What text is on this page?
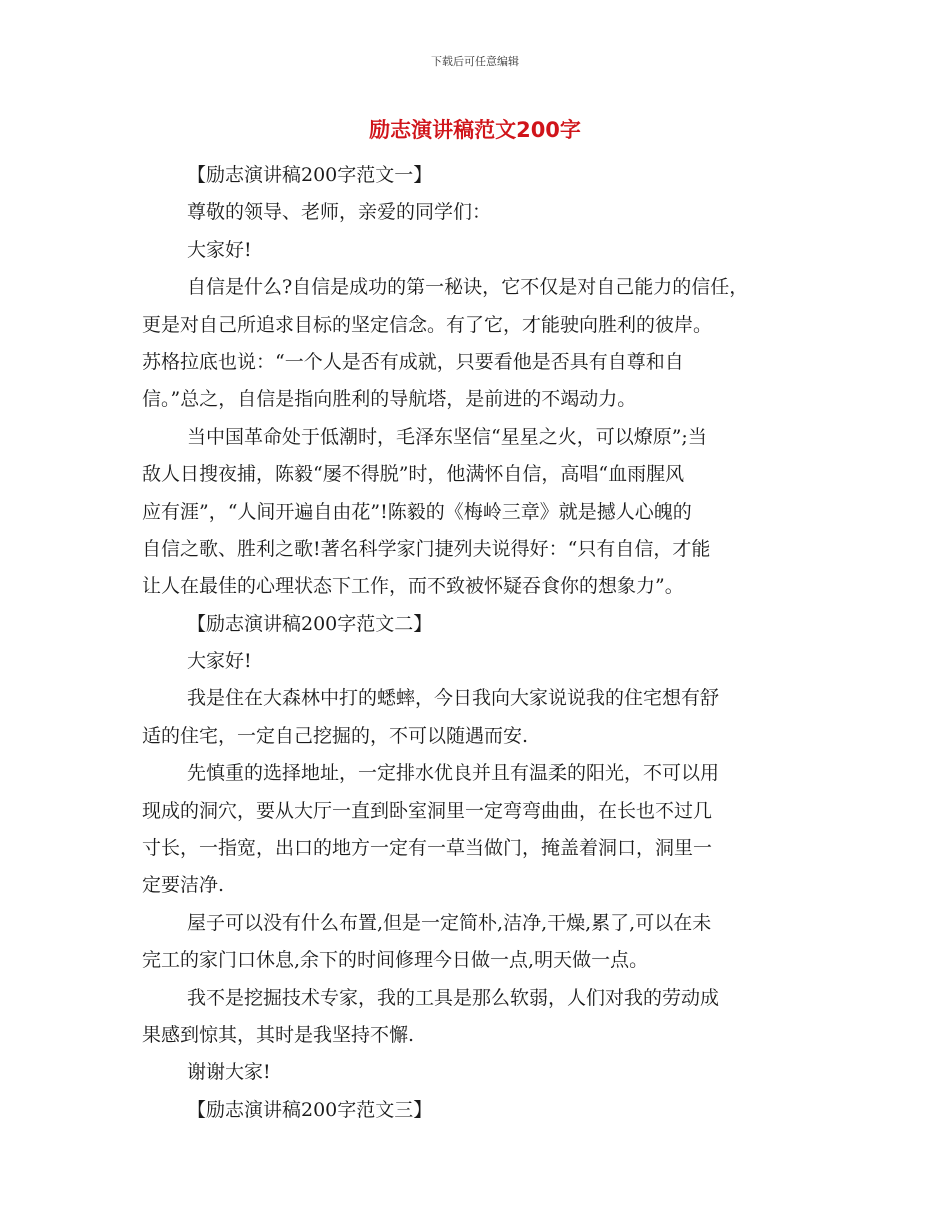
下载后可任意编辑
励志演讲稿范文200字
【励志演讲稿200字范文一】
尊敬的领导、老师，亲爱的同学们：
大家好!
自信是什么?自信是成功的第一秘诀，它不仅是对自己能力的信任，
更是对自己所追求目标的坚定信念。有了它，才能驶向胜利的彼岸。
苏格拉底也说：“一个人是否有成就，只要看他是否具有自尊和自
信。”总之，自信是指向胜利的导航塔，是前进的不竭动力。
当中国革命处于低潮时，毛泽东坚信“星星之火，可以燎原”;当
敌人日搜夜捕，陈毅“屡不得脱”时，他满怀自信，高唱“血雨腥风
应有涯”，“人间开遍自由花”!陈毅的《梅岭三章》就是撼人心魄的
自信之歌、胜利之歌!著名科学家门捷列夫说得好：“只有自信，才能
让人在最佳的心理状态下工作，而不致被怀疑吞食你的想象力”。
【励志演讲稿200字范文二】
大家好!
我是住在大森林中打的蟋蟀，今日我向大家说说我的住宅想有舒
适的住宅，一定自己挖掘的，不可以随遇而安.
先慎重的选择地址，一定排水优良并且有温柔的阳光，不可以用
现成的洞穴，要从大厅一直到卧室洞里一定弯弯曲曲，在长也不过几
寸长，一指宽，出口的地方一定有一草当做门，掩盖着洞口，洞里一
定要洁净.
屋子可以没有什么布置,但是一定简朴,洁净,干燥,累了,可以在未
完工的家门口休息,余下的时间修理今日做一点,明天做一点。
我不是挖掘技术专家，我的工具是那么软弱，人们对我的劳动成
果感到惊其，其时是我坚持不懈.
谢谢大家!
【励志演讲稿200字范文三】
